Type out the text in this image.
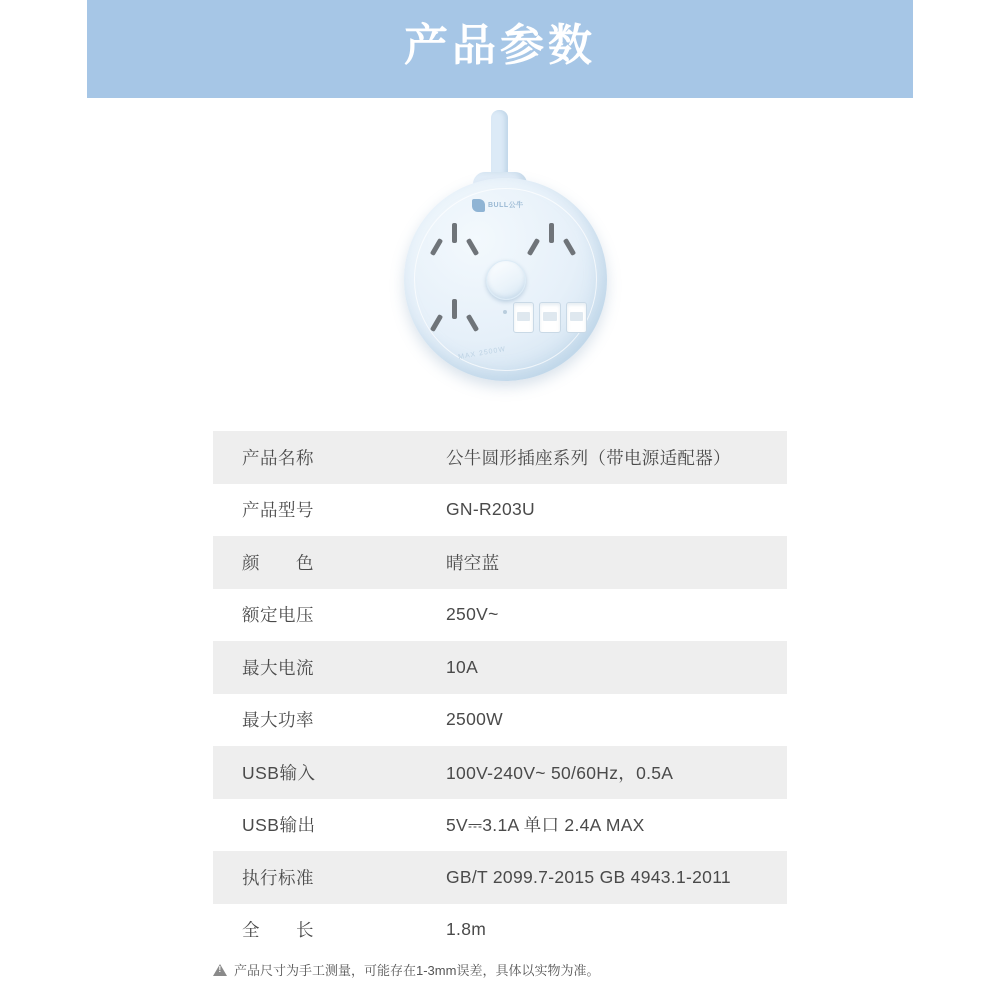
产品参数
BULL公牛
MAX 2500W
产品名称	公牛圆形插座系列（带电源适配器）
产品型号	GN-R203U
颜　　色	晴空蓝
额定电压	250V~
最大电流	10A
最大功率	2500W
USB输入	100V-240V~ 50/60Hz，0.5A
USB输出	5V⎓3.1A 单口 2.4A MAX
执行标准	GB/T 2099.7-2015 GB 4943.1-2011
全　　长	1.8m
!
产品尺寸为手工测量，可能存在1-3mm误差，具体以实物为准。
